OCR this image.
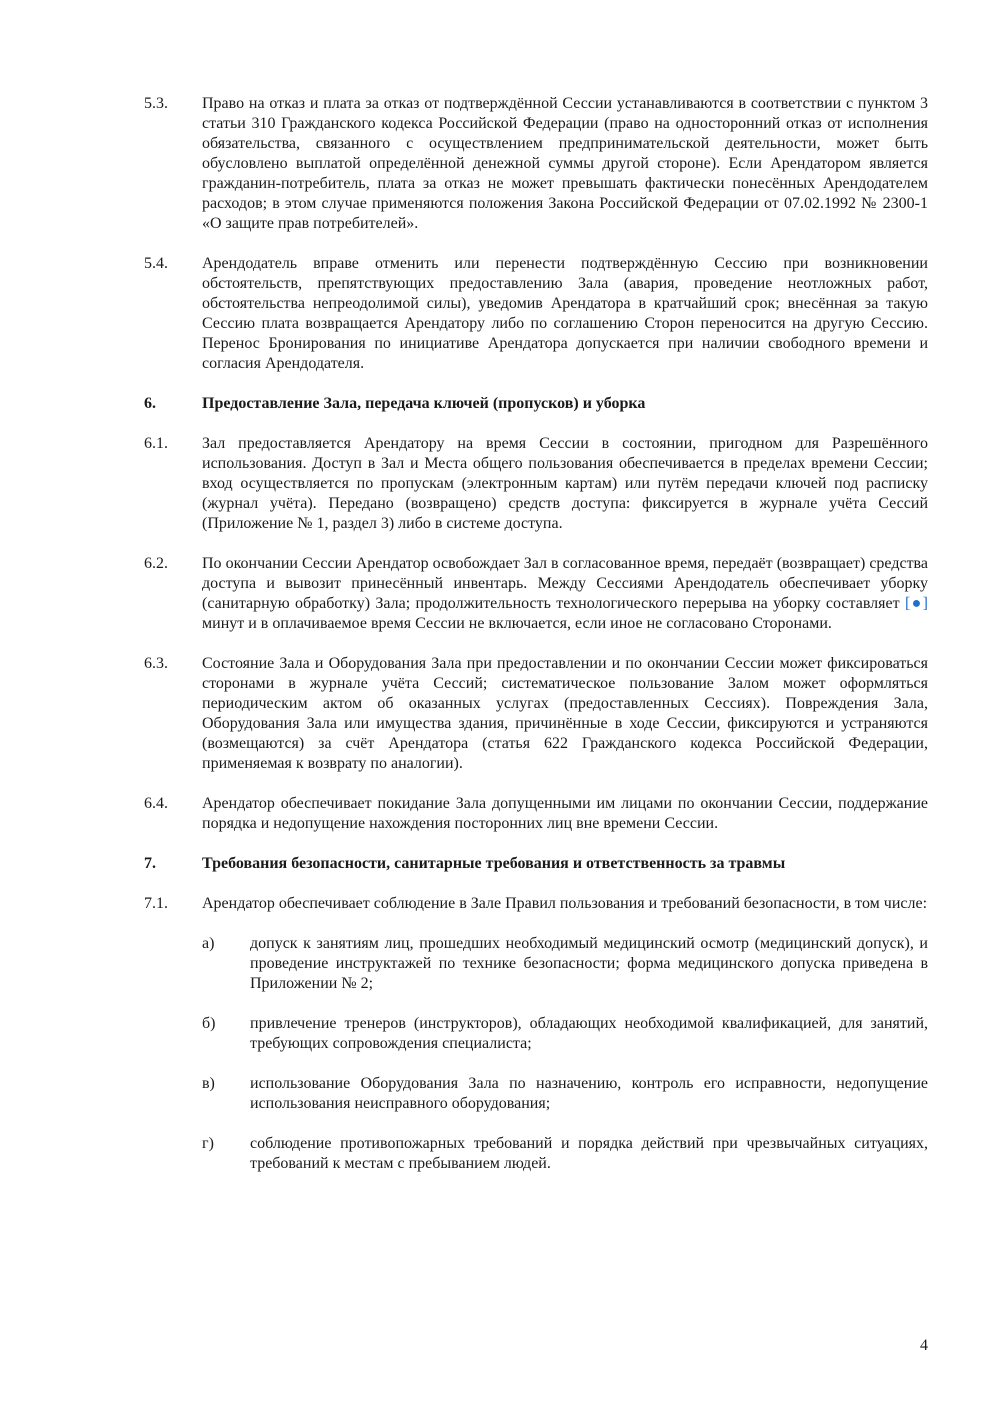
5.3.	Право на отказ и плата за отказ от подтверждённой Сессии устанавливаются в соответствии с пунктом 3 статьи 310 Гражданского кодекса Российской Федерации (право на односторонний отказ от исполнения обязательства, связанного с осуществлением предпринимательской деятельности, может быть обусловлено выплатой определённой денежной суммы другой стороне). Если Арендатором является гражданин-потребитель, плата за отказ не может превышать фактически понесённых Арендодателем расходов; в этом случае применяются положения Закона Российской Федерации от 07.02.1992 № 2300-1 «О защите прав потребителей».
5.4.	Арендодатель вправе отменить или перенести подтверждённую Сессию при возникновении обстоятельств, препятствующих предоставлению Зала (авария, проведение неотложных работ, обстоятельства непреодолимой силы), уведомив Арендатора в кратчайший срок; внесённая за такую Сессию плата возвращается Арендатору либо по соглашению Сторон переносится на другую Сессию. Перенос Бронирования по инициативе Арендатора допускается при наличии свободного времени и согласия Арендодателя.
6.	Предоставление Зала, передача ключей (пропусков) и уборка
6.1.	Зал предоставляется Арендатору на время Сессии в состоянии, пригодном для Разрешённого использования. Доступ в Зал и Места общего пользования обеспечивается в пределах времени Сессии; вход осуществляется по пропускам (электронным картам) или путём передачи ключей под расписку (журнал учёта). Передано (возвращено) средств доступа: фиксируется в журнале учёта Сессий (Приложение № 1, раздел 3) либо в системе доступа.
6.2.	По окончании Сессии Арендатор освобождает Зал в согласованное время, передаёт (возвращает) средства доступа и вывозит принесённый инвентарь. Между Сессиями Арендодатель обеспечивает уборку (санитарную обработку) Зала; продолжительность технологического перерыва на уборку составляет [●] минут и в оплачиваемое время Сессии не включается, если иное не согласовано Сторонами.
6.3.	Состояние Зала и Оборудования Зала при предоставлении и по окончании Сессии может фиксироваться сторонами в журнале учёта Сессий; систематическое пользование Залом может оформляться периодическим актом об оказанных услугах (предоставленных Сессиях). Повреждения Зала, Оборудования Зала или имущества здания, причинённые в ходе Сессии, фиксируются и устраняются (возмещаются) за счёт Арендатора (статья 622 Гражданского кодекса Российской Федерации, применяемая к возврату по аналогии).
6.4.	Арендатор обеспечивает покидание Зала допущенными им лицами по окончании Сессии, поддержание порядка и недопущение нахождения посторонних лиц вне времени Сессии.
7.	Требования безопасности, санитарные требования и ответственность за травмы
7.1.	Арендатор обеспечивает соблюдение в Зале Правил пользования и требований безопасности, в том числе:
а)	допуск к занятиям лиц, прошедших необходимый медицинский осмотр (медицинский допуск), и проведение инструктажей по технике безопасности; форма медицинского допуска приведена в Приложении № 2;
б)	привлечение тренеров (инструкторов), обладающих необходимой квалификацией, для занятий, требующих сопровождения специалиста;
в)	использование Оборудования Зала по назначению, контроль его исправности, недопущение использования неисправного оборудования;
г)	соблюдение противопожарных требований и порядка действий при чрезвычайных ситуациях, требований к местам с пребыванием людей.
4
